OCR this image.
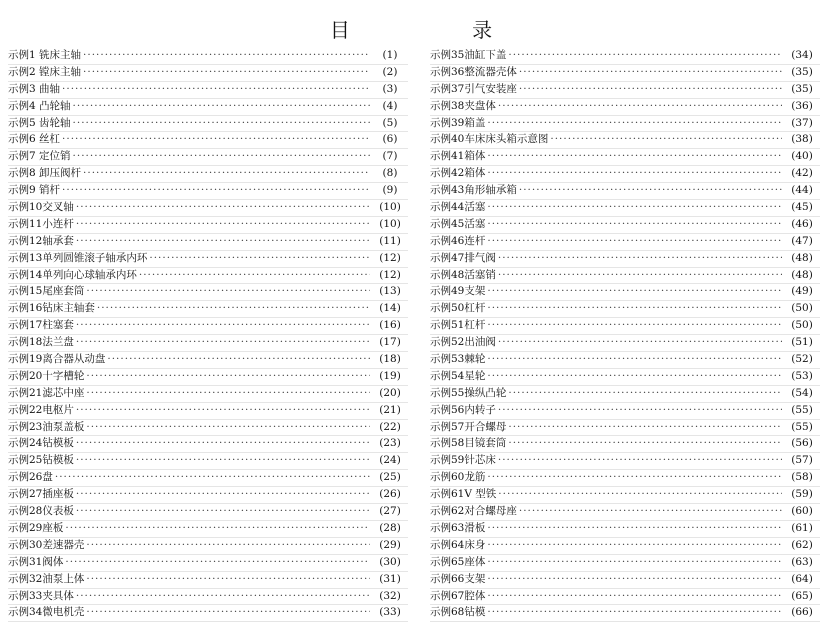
目 录
示例1 铣床主轴 ·····	( 1 )
示例2 镗床主轴 ·····	( 2 )
示例3 曲轴 ·····	( 3 )
示例4 凸轮轴 ·····	( 4 )
示例5 齿轮轴 ·····	( 5 )
示例6 丝杠 ·····	( 6 )
示例7 定位销 ·····	( 7 )
示例8 卸压阀杆 ·····	( 8 )
示例9 销杆 ·····	( 9 )
示例10交叉轴 ·····	( 10 )
示例11小连杆 ·····	( 10 )
示例12轴承套 ·····	( 11 )
示例13单列圆锥滚子轴承内环 ·····	( 12 )
示例14单列向心球轴承内环 ·····	( 12 )
示例15尾座套筒 ·····	( 13 )
示例16钻床主轴套 ·····	( 14 )
示例17柱塞套 ·····	( 16 )
示例18法兰盘 ·····	( 17 )
示例19离合器从动盘 ·····	( 18 )
示例20十字槽轮 ·····	( 19 )
示例21滤芯中座 ·····	( 20 )
示例22电枢片 ·····	( 21 )
示例23油泵盖板 ·····	( 22 )
示例24钻模板 ·····	( 23 )
示例25钻模板 ·····	( 24 )
示例26盘 ·····	( 25 )
示例27插座板 ·····	( 26 )
示例28仪表板 ·····	( 27 )
示例29座板 ·····	( 28 )
示例30差速器壳 ·····	( 29 )
示例31阀体 ·····	( 30 )
示例32油泵上体 ·····	( 31 )
示例33夹具体 ·····	( 32 )
示例34微电机壳 ·····	( 33 )
示例35油缸下盖 ·····	( 34 )
示例36整流器壳体 ·····	( 35 )
示例37引气安装座 ·····	( 35 )
示例38夹盘体 ·····	( 36 )
示例39箱盖 ·····	( 37 )
示例40车床床头箱示意图 ·····	( 38 )
示例41箱体 ·····	( 40 )
示例42箱体 ·····	( 42 )
示例43角形轴承箱 ·····	( 44 )
示例44活塞 ·····	( 45 )
示例45活塞 ·····	( 46 )
示例46连杆 ·····	( 47 )
示例47排气阀 ·····	( 48 )
示例48活塞销 ·····	( 48 )
示例49支架 ·····	( 49 )
示例50杠杆 ·····	( 50 )
示例51杠杆 ·····	( 50 )
示例52出油阀 ·····	( 51 )
示例53棘轮 ·····	( 52 )
示例54星轮 ·····	( 53 )
示例55操纵凸轮 ·····	( 54 )
示例56内转子 ·····	( 55 )
示例57开合螺母 ·····	( 55 )
示例58目镜套筒 ·····	( 56 )
示例59针芯床 ·····	( 57 )
示例60龙筋 ·····	( 58 )
示例61V 型铁 ·····	( 59 )
示例62对合螺母座 ·····	( 60 )
示例63滑板 ·····	( 61 )
示例64床身 ·····	( 62 )
示例65座体 ·····	( 63 )
示例66支架 ·····	( 64 )
示例67腔体 ·····	( 65 )
示例68钻模 ·····	( 66 )
